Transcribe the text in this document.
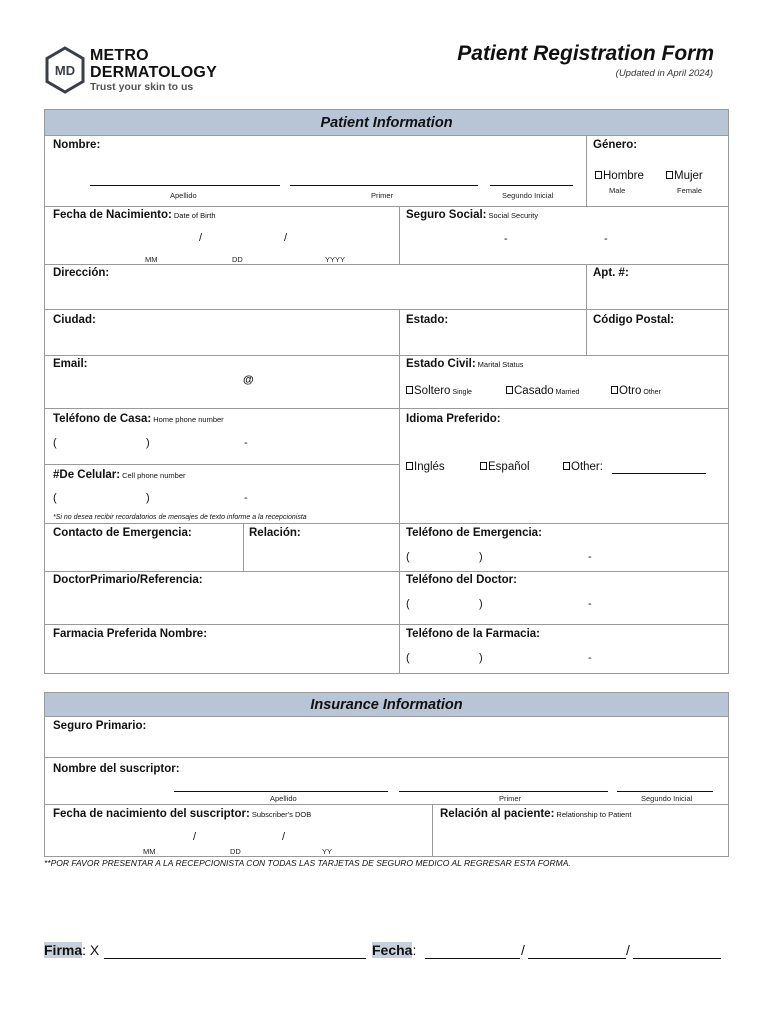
MD
METRO
DERMATOLOGY
Trust your skin to us
Patient Registration Form
(Updated in April 2024)
Patient Information
Nombre:
Apellido	Primer	Segundo Inicial
Género:
Hombre	Mujer
Male	Female
Fecha de Nacimiento: Date of Birth
/	/
MM	DD	YYYY
Seguro Social: Social Security
-	-
Dirección:	Apt. #:
Ciudad:	Estado:	Código Postal:
Email:
@
Estado Civil: Marital Status
Soltero Single	Casado Married	Otro Other
Teléfono de Casa: Home phone number
(	)	-
Idioma Preferido:
Inglés	Español	Other:
#De Celular: Cell phone number
(	)	-
*Si no desea recibir recordatorios de mensajes de texto informe a la recepcionista
Contacto de Emergencia:	Relación:	Teléfono de Emergencia:
(	)	-
DoctorPrimario/Referencia:	Teléfono del Doctor:
(	)	-
Farmacia Preferida Nombre:	Teléfono de la Farmacia:
(	)	-
Insurance Information
Seguro Primario:
Nombre del suscriptor:
Apellido	Primer	Segundo Inicial
Fecha de nacimiento del suscriptor: Subscriber's DOB
/	/
MM	DD	YY
Relación al paciente: Relationship to Patient
**POR FAVOR PRESENTAR A LA RECEPCIONISTA CON TODAS LAS TARJETAS DE SEGURO MEDICO AL REGRESAR ESTA FORMA.
Firma: X	Fecha:	/	/
